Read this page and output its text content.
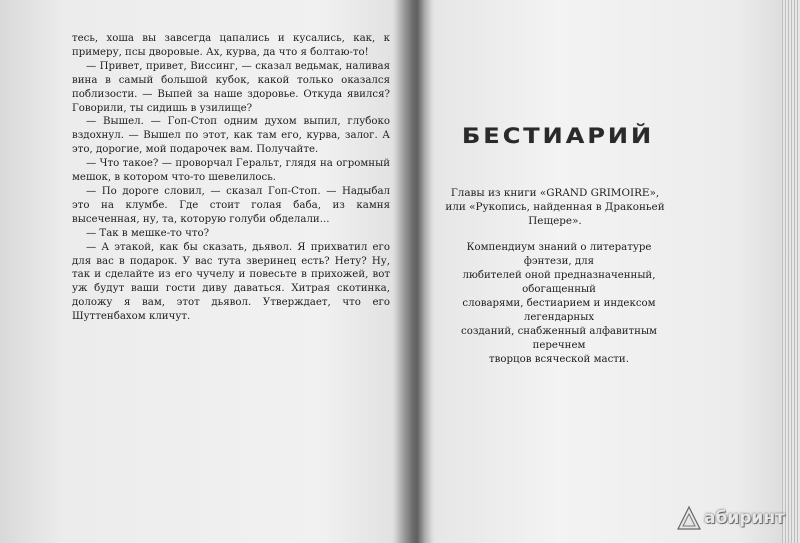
тесь, хоша вы завсегда цапались и кусались, как, к примеру, псы дворовые. Ах, курва, да что я болтаю-то!

— Привет, привет, Виссинг, — сказал ведьмак, наливая вина в самый большой кубок, какой только оказался поблизости. — Выпей за наше здоровье. Откуда явился? Говорили, ты сидишь в узилище?

— Вышел. — Гоп-Стоп одним духом выпил, глубоко вздохнул. — Вышел по этот, как там его, курва, залог. А это, дорогие, мой подарочек вам. Получайте.

— Что такое? — проворчал Геральт, глядя на огромный мешок, в котором что-то шевелилось.

— По дороге словил, — сказал Гоп-Стоп. — Надыбал это на клумбе. Где стоит голая баба, из камня высеченная, ну, та, которую голуби обделали...

— Так в мешке-то что?

— А этакой, как бы сказать, дьявол. Я прихватил его для вас в подарок. У вас тута зверинец есть? Нету? Ну, так и сделайте из его чучелу и повесьте в прихожей, вот уж будут ваши гости диву даваться. Хитрая скотинка, доложу я вам, этот дьявол. Утверждает, что его Шуттенбахом кличут.

БЕСТИАРИЙ

Главы из книги «GRAND GRIMOIRE»,

или «Рукопись, найденная в Драконьей Пещере».

Компендиум знаний о литературе фэнтези, для

любителей оной предназначенный, обогащенный

словарями, бестиарием и индексом легендарных

созданий, снабженный алфавитным перечнем

творцов всяческой масти.

абиринт
